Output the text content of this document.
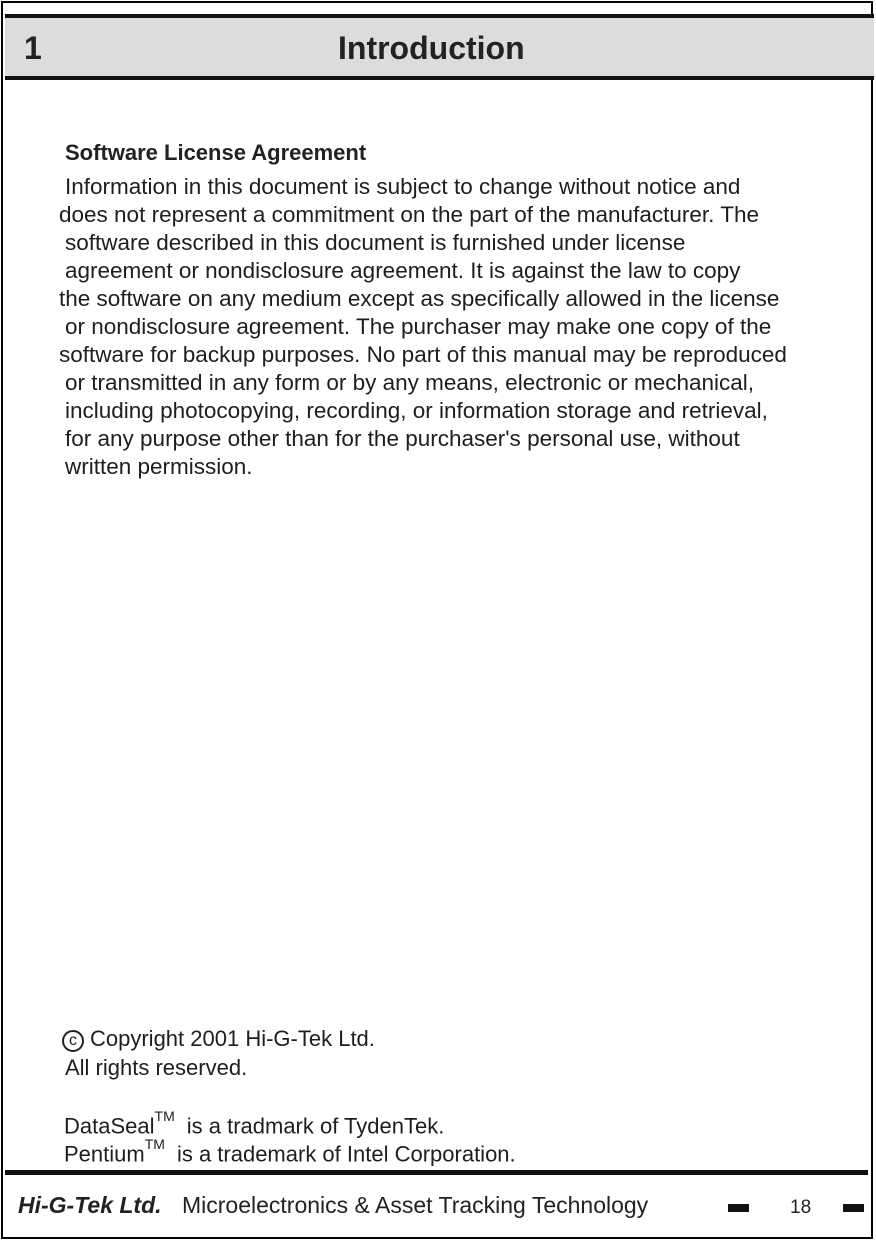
1	Introduction
Software License Agreement
Information in this document is subject to change without notice and
does not represent a commitment on the part of the manufacturer. The
software described in this document is furnished under license
agreement or nondisclosure agreement. It is against the law to copy
the software on any medium except as specifically allowed in the license
or nondisclosure agreement. The purchaser may make one copy of the
software for backup purposes. No part of this manual may be reproduced
or transmitted in any form or by any means, electronic or mechanical,
including photocopying, recording, or information storage and retrieval,
for any purpose other than for the purchaser's personal use, without
written permission.
c Copyright 2001 Hi-G-Tek Ltd.
All rights reserved.
DataSeal™ is a tradmark of TydenTek.
Pentium™ is a trademark of Intel Corporation.
Hi-G-Tek Ltd. Microelectronics & Asset Tracking Technology	18
